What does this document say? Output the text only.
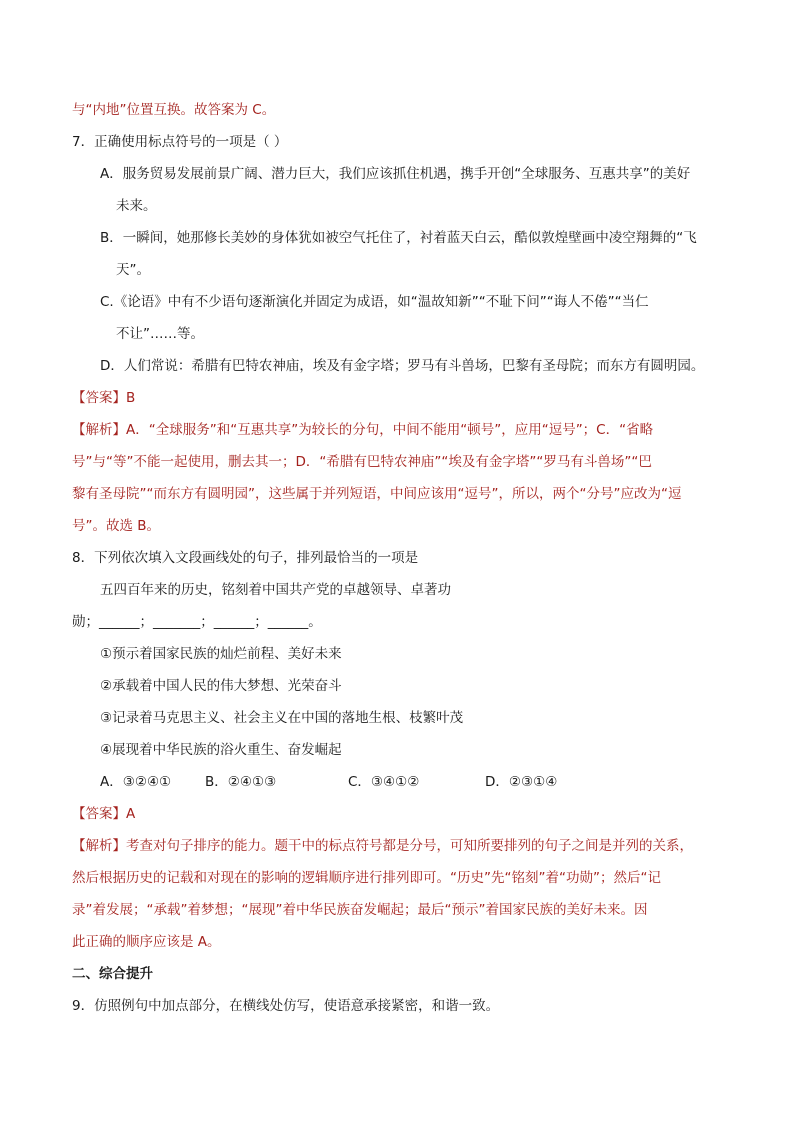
与“内地”位置互换。故答案为 C。
7．正确使用标点符号的一项是（ ）
A．服务贸易发展前景广阔、潜力巨大，我们应该抓住机遇，携手开创“全球服务、互惠共享”的美好
未来。
B．一瞬间，她那修长美妙的身体犹如被空气托住了，衬着蓝天白云，酷似敦煌壁画中凌空翔舞的“飞
天”。
C.《论语》中有不少语句逐渐演化并固定为成语，如“温故知新”“不耻下问”“诲人不倦”“当仁
不让”……等。
D．人们常说：希腊有巴特农神庙，埃及有金字塔；罗马有斗兽场，巴黎有圣母院；而东方有圆明园。
【答案】B
【解析】A．“全球服务”和“互惠共享”为较长的分句，中间不能用“顿号”，应用“逗号”；C．“省略
号”与“等”不能一起使用，删去其一；D．“希腊有巴特农神庙”“埃及有金字塔”“罗马有斗兽场”“巴
黎有圣母院”“而东方有圆明园”，这些属于并列短语，中间应该用“逗号”，所以，两个“分号”应改为“逗
号”。故选 B。
8．下列依次填入文段画线处的句子，排列最恰当的一项是
五四百年来的历史，铭刻着中国共产党的卓越领导、卓著功
勋；______；_______；______；______。
①预示着国家民族的灿烂前程、美好未来
②承载着中国人民的伟大梦想、光荣奋斗
③记录着马克思主义、社会主义在中国的落地生根、枝繁叶茂
④展现着中华民族的浴火重生、奋发崛起
A．③②④①	B．②④①③	C．③④①②	D．②③①④
【答案】A
【解析】考查对句子排序的能力。题干中的标点符号都是分号，可知所要排列的句子之间是并列的关系，
然后根据历史的记载和对现在的影响的逻辑顺序进行排列即可。“历史”先“铭刻”着“功勋”；然后“记
录”着发展；“承载”着梦想；“展现”着中华民族奋发崛起；最后“预示”着国家民族的美好未来。因
此正确的顺序应该是 A。
二、综合提升
9．仿照例句中加点部分，在横线处仿写，使语意承接紧密，和谐一致。
